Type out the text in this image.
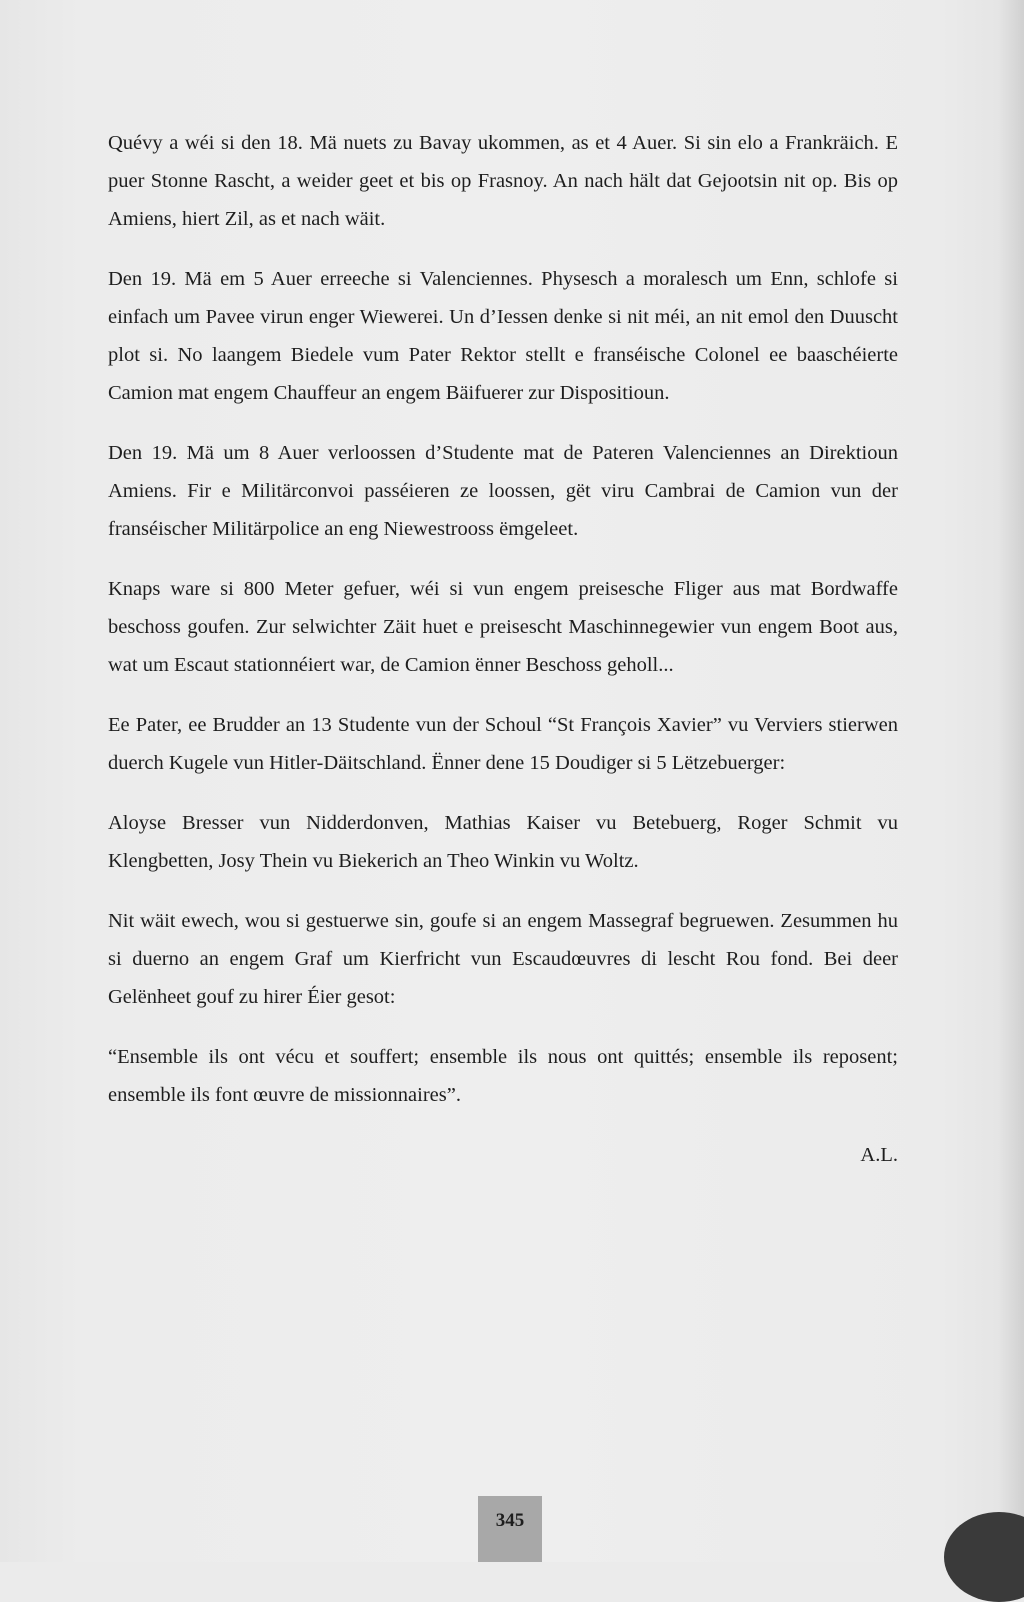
Quévy a wéi si den 18. Mä nuets zu Bavay ukommen, as et 4 Auer. Si sin elo a Frankräich. E puer Stonne Rascht, a weider geet et bis op Frasnoy. An nach hält dat Gejootsin nit op. Bis op Amiens, hiert Zil, as et nach wäit.

Den 19. Mä em 5 Auer erreeche si Valenciennes. Physesch a moralesch um Enn, schlofe si einfach um Pavee virun enger Wiewerei. Un d’Iessen denke si nit méi, an nit emol den Duuscht plot si. No laangem Biedele vum Pater Rektor stellt e franséische Colonel ee baaschéierte Camion mat engem Chauffeur an engem Bäifuerer zur Dispositioun.

Den 19. Mä um 8 Auer verloossen d’Studente mat de Pateren Valenciennes an Direktioun Amiens. Fir e Militärconvoi passéieren ze loossen, gët viru Cambrai de Camion vun der franséischer Militärpolice an eng Niewestrooss ëmgeleet.

Knaps ware si 800 Meter gefuer, wéi si vun engem preisesche Fliger aus mat Bordwaffe beschoss goufen. Zur selwichter Zäit huet e preisescht Maschinnegewier vun engem Boot aus, wat um Escaut stationnéiert war, de Camion ënner Beschoss geholl...

Ee Pater, ee Brudder an 13 Studente vun der Schoul “St François Xavier” vu Verviers stierwen duerch Kugele vun Hitler-Däitschland. Ënner dene 15 Doudiger si 5 Lëtzebuerger:

Aloyse Bresser vun Nidderdonven, Mathias Kaiser vu Betebuerg, Roger Schmit vu Klengbetten, Josy Thein vu Biekerich an Theo Winkin vu Woltz.

Nit wäit ewech, wou si gestuerwe sin, goufe si an engem Massegraf begruewen. Zesummen hu si duerno an engem Graf um Kierfricht vun Escaudœuvres di lescht Rou fond. Bei deer Gelënheet gouf zu hirer Éier gesot:

“Ensemble ils ont vécu et souffert; ensemble ils nous ont quittés; ensemble ils reposent; ensemble ils font œuvre de missionnaires”.

A.L.
345
